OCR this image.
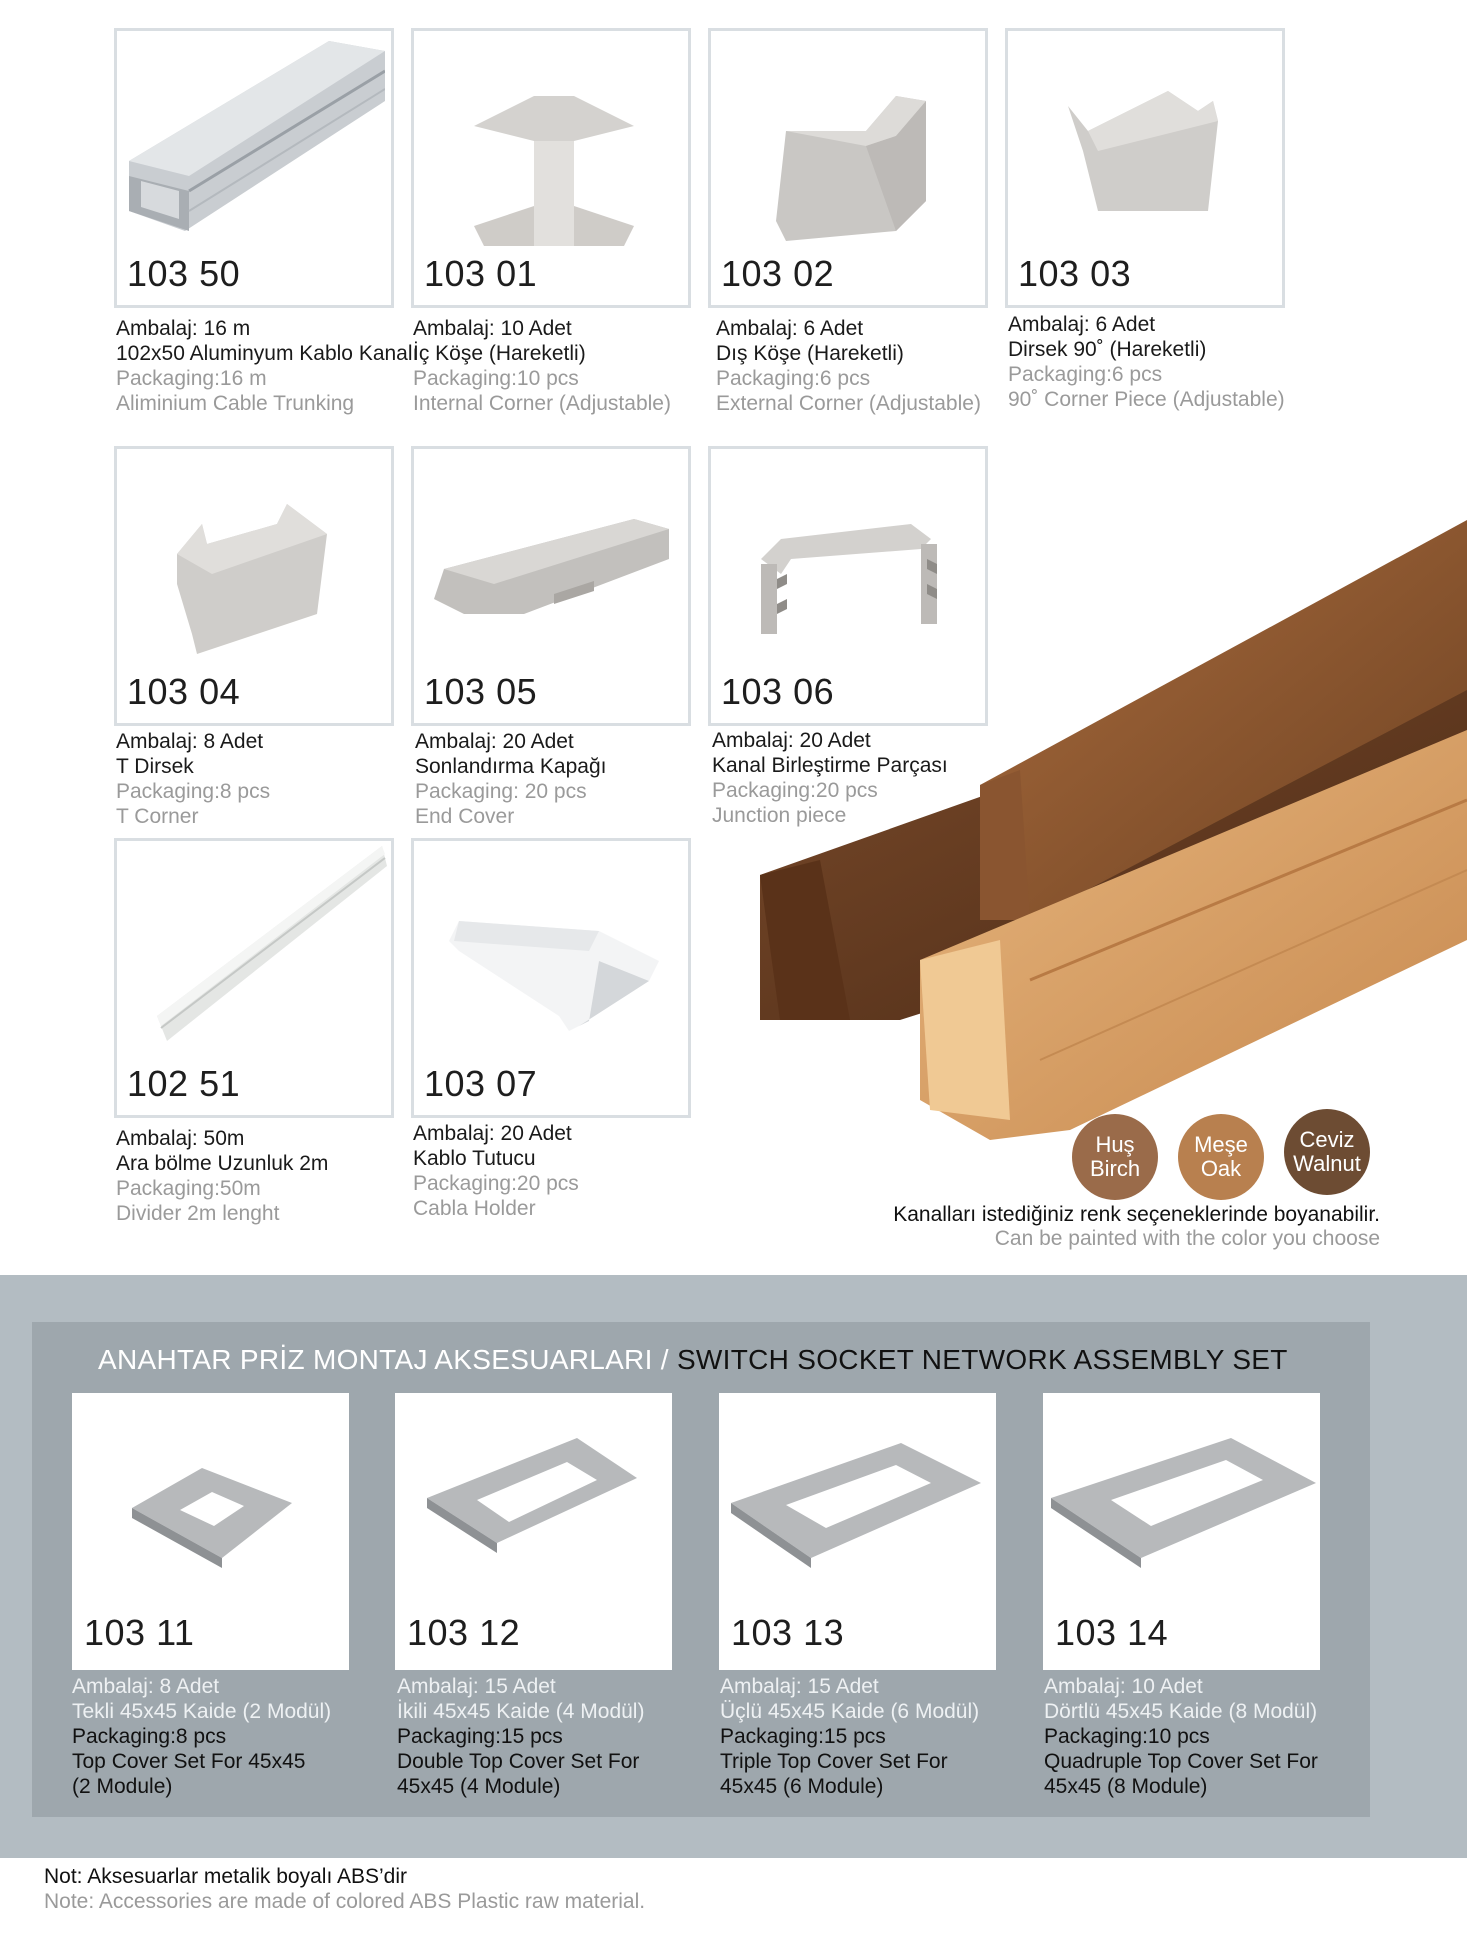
103 50
Ambalaj: 16 m
102x50 Aluminyum Kablo Kanalı
Packaging:16 m
Aliminium Cable Trunking
103 01
Ambalaj: 10 Adet
İç Köşe (Hareketli)
Packaging:10 pcs
Internal Corner (Adjustable)
103 02
Ambalaj: 6 Adet
Dış Köşe (Hareketli)
Packaging:6 pcs
External Corner (Adjustable)
103 03
Ambalaj: 6 Adet
Dirsek 90˚ (Hareketli)
Packaging:6 pcs
90˚ Corner Piece (Adjustable)
103 04
Ambalaj: 8 Adet
T Dirsek
Packaging:8 pcs
T Corner
103 05
Ambalaj: 20 Adet
Sonlandırma Kapağı
Packaging: 20 pcs
End Cover
103 06
Ambalaj: 20 Adet
Kanal Birleştirme Parçası
Packaging:20 pcs
Junction piece
102 51
Ambalaj: 50m
Ara bölme Uzunluk 2m
Packaging:50m
Divider 2m lenght
103 07
Ambalaj: 20 Adet
Kablo Tutucu
Packaging:20 pcs
Cabla Holder
Huş
Birch
Meşe
Oak
Ceviz
Walnut
Kanalları istediğiniz renk seçeneklerinde boyanabilir.
Can be painted with the color you choose
ANAHTAR PRİZ MONTAJ AKSESUARLARI / SWITCH SOCKET NETWORK ASSEMBLY SET
103 11	103 12	103 13	103 14
Ambalaj: 8 Adet
Tekli 45x45 Kaide (2 Modül)
Packaging:8 pcs
Top Cover Set For 45x45
(2 Module)
Ambalaj: 15 Adet
İkili 45x45 Kaide (4 Modül)
Packaging:15 pcs
Double Top Cover Set For
45x45 (4 Module)
Ambalaj: 15 Adet
Üçlü 45x45 Kaide (6 Modül)
Packaging:15 pcs
Triple Top Cover Set For
45x45 (6 Module)
Ambalaj: 10 Adet
Dörtlü 45x45 Kaide (8 Modül)
Packaging:10 pcs
Quadruple Top Cover Set For
45x45 (8 Module)
Not: Aksesuarlar metalik boyalı ABS’dir
Note: Accessories are made of colored ABS Plastic raw material.
